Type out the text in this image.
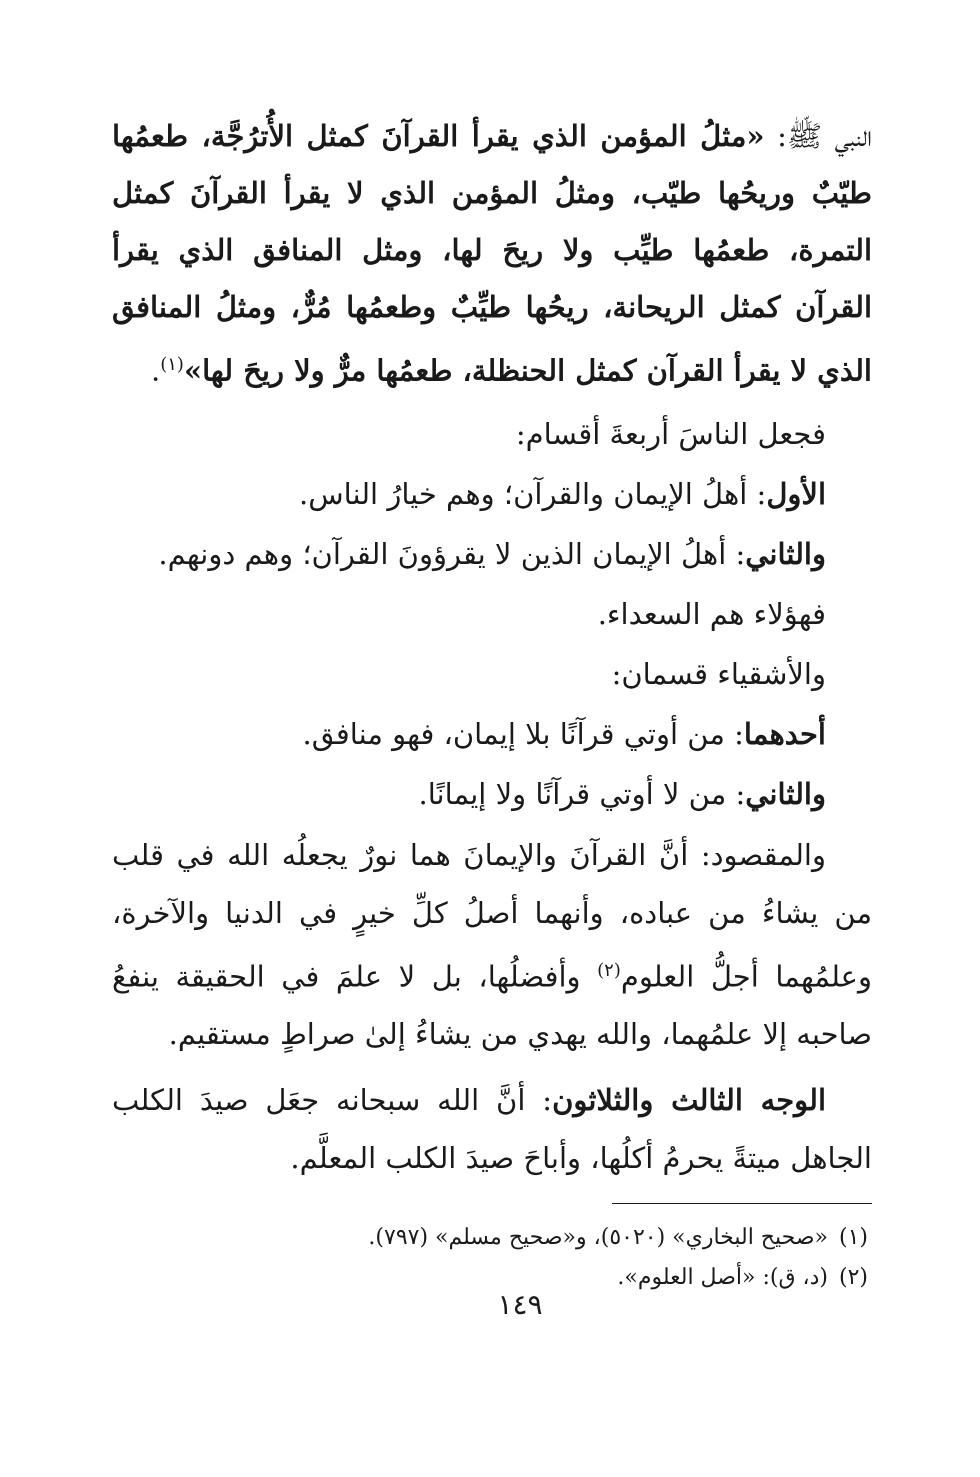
النبي ﷺ: «مثلُ المؤمن الذي يقرأ القرآنَ كمثل الأُترُجَّة، طعمُها طيّبٌ وريحُها طيّب، ومثلُ المؤمن الذي لا يقرأ القرآنَ كمثل التمرة، طعمُها طيِّب ولا ريحَ لها، ومثل المنافق الذي يقرأ القرآن كمثل الريحانة، ريحُها طيِّبٌ وطعمُها مُرٌّ، ومثلُ المنافق الذي لا يقرأ القرآن كمثل الحنظلة، طعمُها مرٌّ ولا ريحَ لها»$^{(١)}$.

فجعل الناسَ أربعةَ أقسام:

الأول: أهلُ الإيمان والقرآن؛ وهم خيارُ الناس.

والثاني: أهلُ الإيمان الذين لا يقرؤونَ القرآن؛ وهم دونهم.

فهؤلاء هم السعداء.

والأشقياء قسمان:

أحدهما: من أوتي قرآنًا بلا إيمان، فهو منافق.

والثاني: من لا أوتي قرآنًا ولا إيمانًا.

والمقصود: أنَّ القرآنَ والإيمانَ هما نورٌ يجعلُه الله في قلب من يشاءُ من عباده، وأنهما أصلُ كلِّ خيرٍ في الدنيا والآخرة، وعلمُهما أجلُّ العلوم$^{(٢)}$ وأفضلُها، بل لا علمَ في الحقيقة ينفعُ صاحبه إلا علمُهما، والله يهدي من يشاءُ إلىٰ صراطٍ مستقيم.

الوجه الثالث والثلاثون: أنَّ الله سبحانه جعَل صيدَ الكلب الجاهل ميتةً يحرمُ أكلُها، وأباحَ صيدَ الكلب المعلَّم.

(١)«صحيح البخاري» (٥٠٢٠)، و«صحيح مسلم» (٧٩٧).

(٢)(د، ق): «أصل العلوم».

١٤٩
